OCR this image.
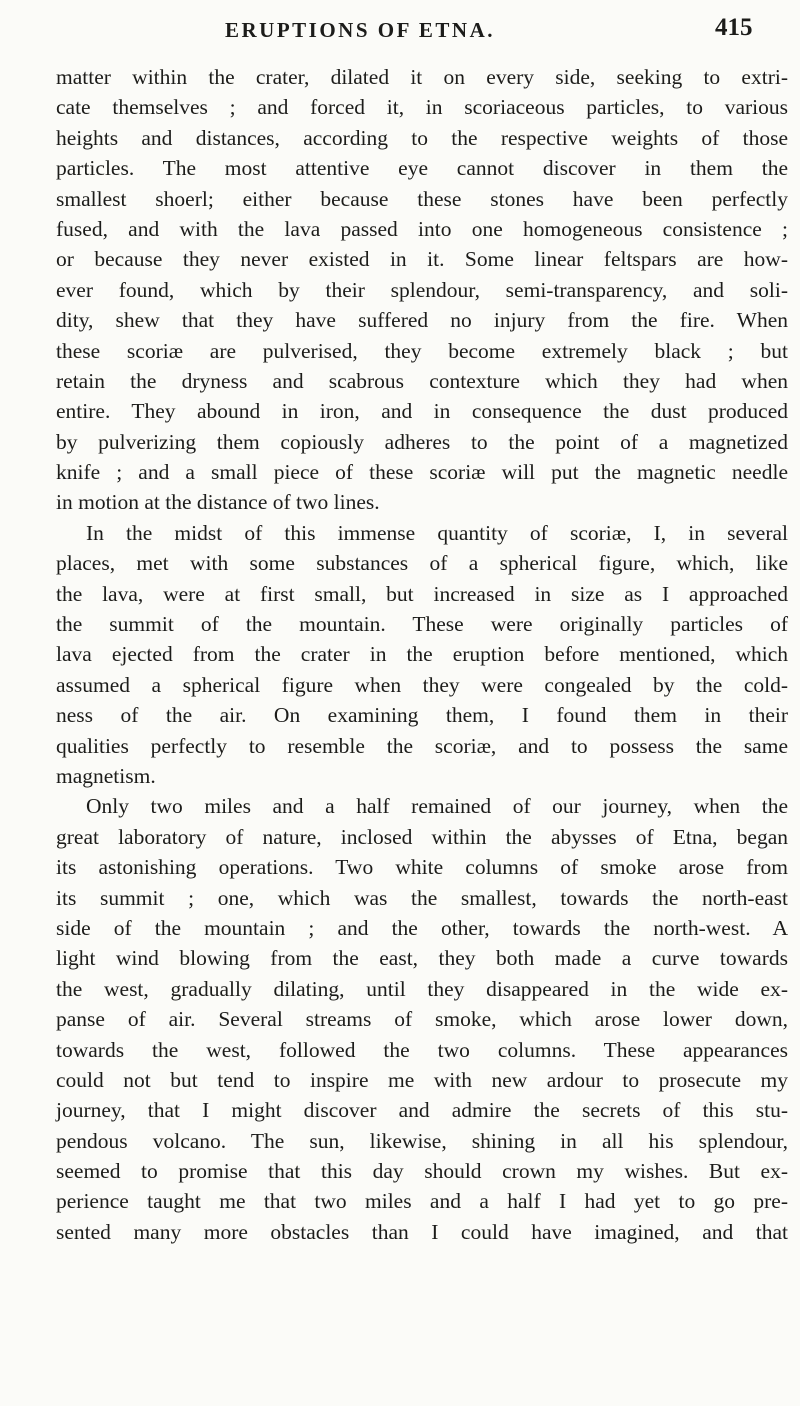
ERUPTIONS OF ETNA.	415
matter within the crater, dilated it on every side, seeking to extri-
cate themselves ; and forced it, in scoriaceous particles, to various
heights and distances, according to the respective weights of those
particles. The most attentive eye cannot discover in them the
smallest shoerl; either because these stones have been perfectly
fused, and with the lava passed into one homogeneous consistence ;
or because they never existed in it. Some linear feltspars are how-
ever found, which by their splendour, semi-transparency, and soli-
dity, shew that they have suffered no injury from the fire. When
these scoriæ are pulverised, they become extremely black ; but
retain the dryness and scabrous contexture which they had when
entire. They abound in iron, and in consequence the dust produced
by pulverizing them copiously adheres to the point of a magnetized
knife ; and a small piece of these scoriæ will put the magnetic needle
in motion at the distance of two lines.
In the midst of this immense quantity of scoriæ, I, in several
places, met with some substances of a spherical figure, which, like
the lava, were at first small, but increased in size as I approached
the summit of the mountain. These were originally particles of
lava ejected from the crater in the eruption before mentioned, which
assumed a spherical figure when they were congealed by the cold-
ness of the air. On examining them, I found them in their
qualities perfectly to resemble the scoriæ, and to possess the same
magnetism.
Only two miles and a half remained of our journey, when the
great laboratory of nature, inclosed within the abysses of Etna, began
its astonishing operations. Two white columns of smoke arose from
its summit ; one, which was the smallest, towards the north-east
side of the mountain ; and the other, towards the north-west. A
light wind blowing from the east, they both made a curve towards
the west, gradually dilating, until they disappeared in the wide ex-
panse of air. Several streams of smoke, which arose lower down,
towards the west, followed the two columns. These appearances
could not but tend to inspire me with new ardour to prosecute my
journey, that I might discover and admire the secrets of this stu-
pendous volcano. The sun, likewise, shining in all his splendour,
seemed to promise that this day should crown my wishes. But ex-
perience taught me that two miles and a half I had yet to go pre-
sented many more obstacles than I could have imagined, and that
